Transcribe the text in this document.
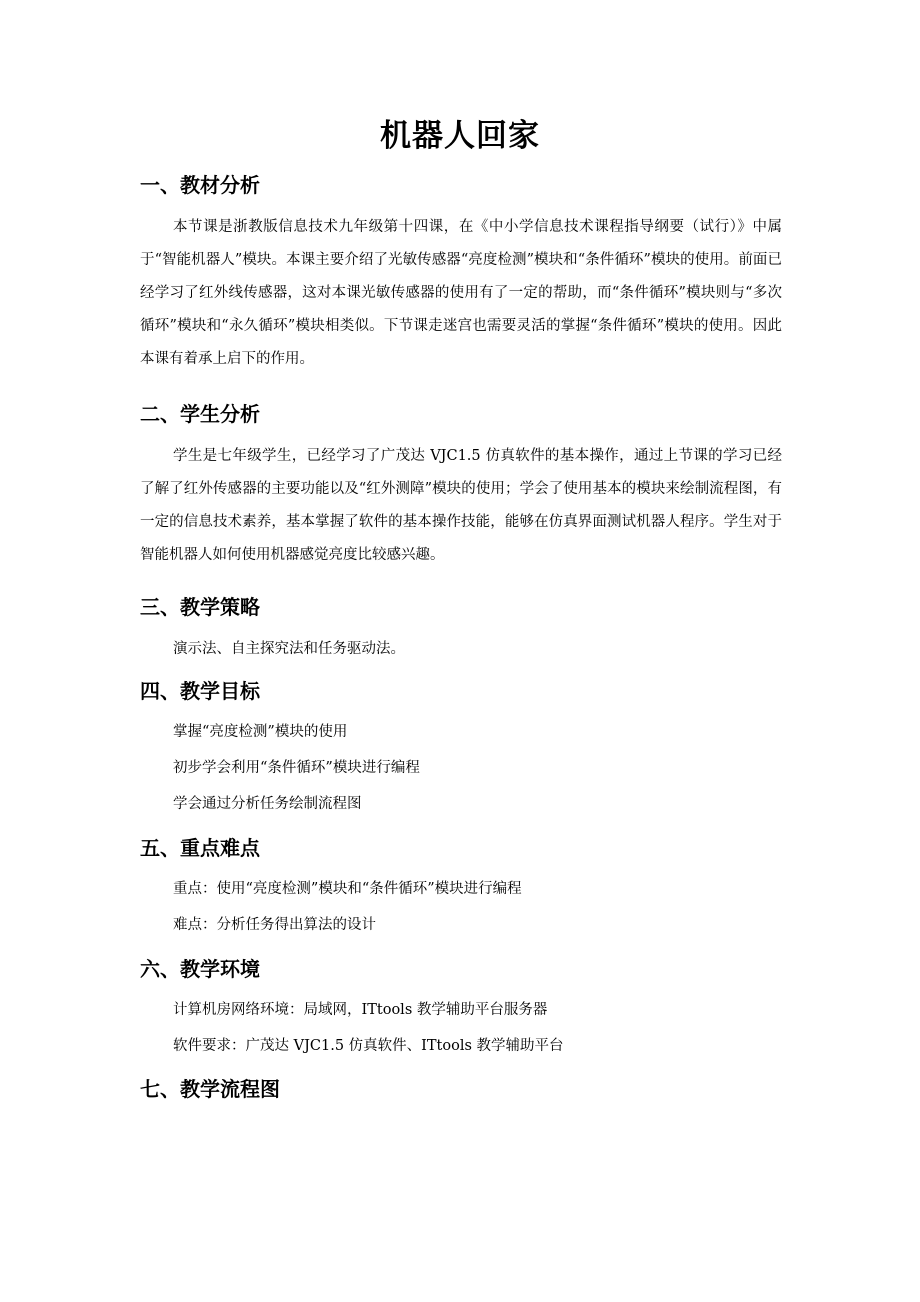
机器人回家
一、教材分析
本节课是浙教版信息技术九年级第十四课，在《中小学信息技术课程指导纲要（试行）》中属于“智能机器人”模块。本课主要介绍了光敏传感器“亮度检测”模块和“条件循环”模块的使用。前面已经学习了红外线传感器，这对本课光敏传感器的使用有了一定的帮助，而“条件循环”模块则与“多次循环”模块和“永久循环”模块相类似。下节课走迷宫也需要灵活的掌握“条件循环”模块的使用。因此本课有着承上启下的作用。
二、学生分析
学生是七年级学生，已经学习了广茂达 VJC1.5 仿真软件的基本操作，通过上节课的学习已经了解了红外传感器的主要功能以及“红外测障”模块的使用；学会了使用基本的模块来绘制流程图，有一定的信息技术素养，基本掌握了软件的基本操作技能，能够在仿真界面测试机器人程序。学生对于智能机器人如何使用机器感觉亮度比较感兴趣。
三、教学策略
演示法、自主探究法和任务驱动法。
四、教学目标
掌握“亮度检测”模块的使用
初步学会利用“条件循环”模块进行编程
学会通过分析任务绘制流程图
五、重点难点
重点：使用“亮度检测”模块和“条件循环”模块进行编程
难点：分析任务得出算法的设计
六、教学环境
计算机房网络环境：局域网，ITtools 教学辅助平台服务器
软件要求：广茂达 VJC1.5 仿真软件、ITtools 教学辅助平台
七、教学流程图
